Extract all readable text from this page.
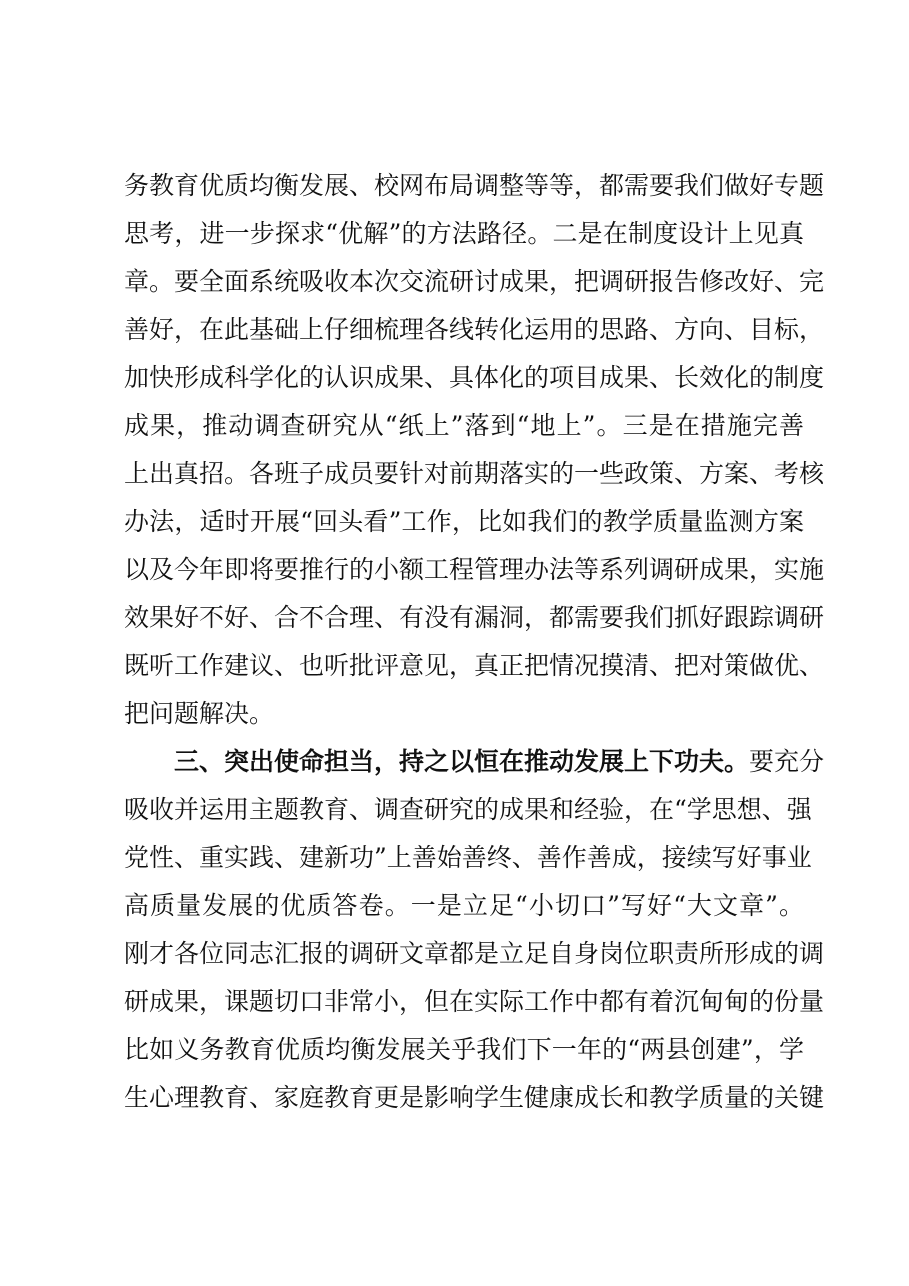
务教育优质均衡发展、校网布局调整等等，都需要我们做好专题
思考，进一步探求“优解”的方法路径。二是在制度设计上见真
章。要全面系统吸收本次交流研讨成果，把调研报告修改好、完
善好，在此基础上仔细梳理各线转化运用的思路、方向、目标，
加快形成科学化的认识成果、具体化的项目成果、长效化的制度
成果，推动调查研究从“纸上”落到“地上”。三是在措施完善
上出真招。各班子成员要针对前期落实的一些政策、方案、考核
办法，适时开展“回头看”工作，比如我们的教学质量监测方案
以及今年即将要推行的小额工程管理办法等系列调研成果，实施
效果好不好、合不合理、有没有漏洞，都需要我们抓好跟踪调研
既听工作建议、也听批评意见，真正把情况摸清、把对策做优、
把问题解决。
三、突出使命担当，持之以恒在推动发展上下功夫。要充分
吸收并运用主题教育、调查研究的成果和经验，在“学思想、强
党性、重实践、建新功”上善始善终、善作善成，接续写好事业
高质量发展的优质答卷。一是立足“小切口”写好“大文章”。
刚才各位同志汇报的调研文章都是立足自身岗位职责所形成的调
研成果，课题切口非常小，但在实际工作中都有着沉甸甸的份量
比如义务教育优质均衡发展关乎我们下一年的“两县创建”，学
生心理教育、家庭教育更是影响学生健康成长和教学质量的关键
